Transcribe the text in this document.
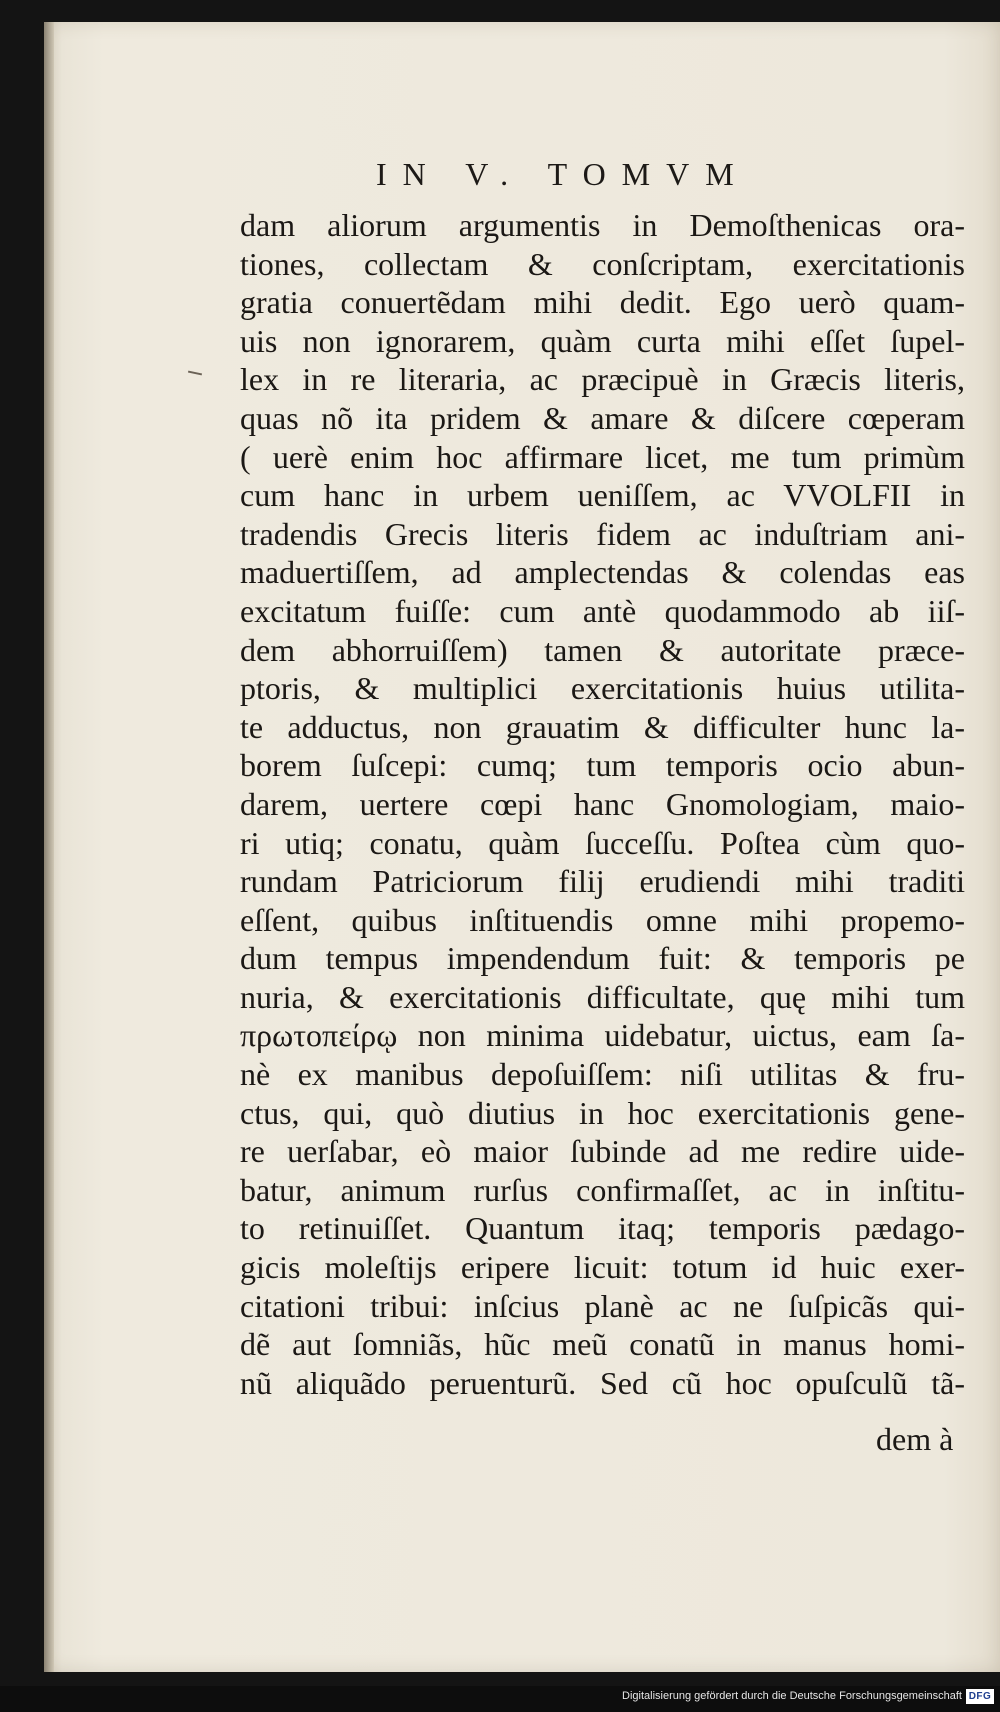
IN V. TOMVM
dam aliorum argumentis in Demoſthenicas ora-
tiones, collectam & conſcriptam, exercitationis
gratia conuertẽdam mihi dedit. Ego uerò quam-
uis non ignorarem, quàm curta mihi eſſet ſupel-
lex in re literaria, ac præcipuè in Græcis literis,
quas nõ ita pridem & amare & diſcere cœperam
( uerè enim hoc affirmare licet, me tum primùm
cum hanc in urbem ueniſſem, ac VVOLFII in
tradendis Grecis literis fidem ac induſtriam ani-
maduertiſſem, ad amplectendas & colendas eas
excitatum fuiſſe: cum antè quodammodo ab iiſ-
dem abhorruiſſem) tamen & autoritate præce-
ptoris, & multiplici exercitationis huius utilita-
te adductus, non grauatim & difficulter hunc la-
borem ſuſcepi: cumq; tum temporis ocio abun-
darem, uertere cœpi hanc Gnomologiam, maio-
ri utiq; conatu, quàm ſucceſſu. Poſtea cùm quo-
rundam Patriciorum filij erudiendi mihi traditi
eſſent, quibus inſtituendis omne mihi propemo-
dum tempus impendendum fuit: & temporis pe
nuria, & exercitationis difficultate, quę mihi tum
πρωτοπείρῳ non minima uidebatur, uictus, eam ſa-
nè ex manibus depoſuiſſem: niſi utilitas & fru-
ctus, qui, quò diutius in hoc exercitationis gene-
re uerſabar, eò maior ſubinde ad me redire uide-
batur, animum rurſus confirmaſſet, ac in inſtitu-
to retinuiſſet. Quantum itaq; temporis pædago-
gicis moleſtijs eripere licuit: totum id huic exer-
citationi tribui: inſcius planè ac ne ſuſpicãs qui-
dẽ aut ſomniãs, hũc meũ conatũ in manus homi-
nũ aliquãdo peruenturũ. Sed cũ hoc opuſculũ tã-
dem à
Digitalisierung gefördert durch die Deutsche Forschungsgemeinschaft DFG
